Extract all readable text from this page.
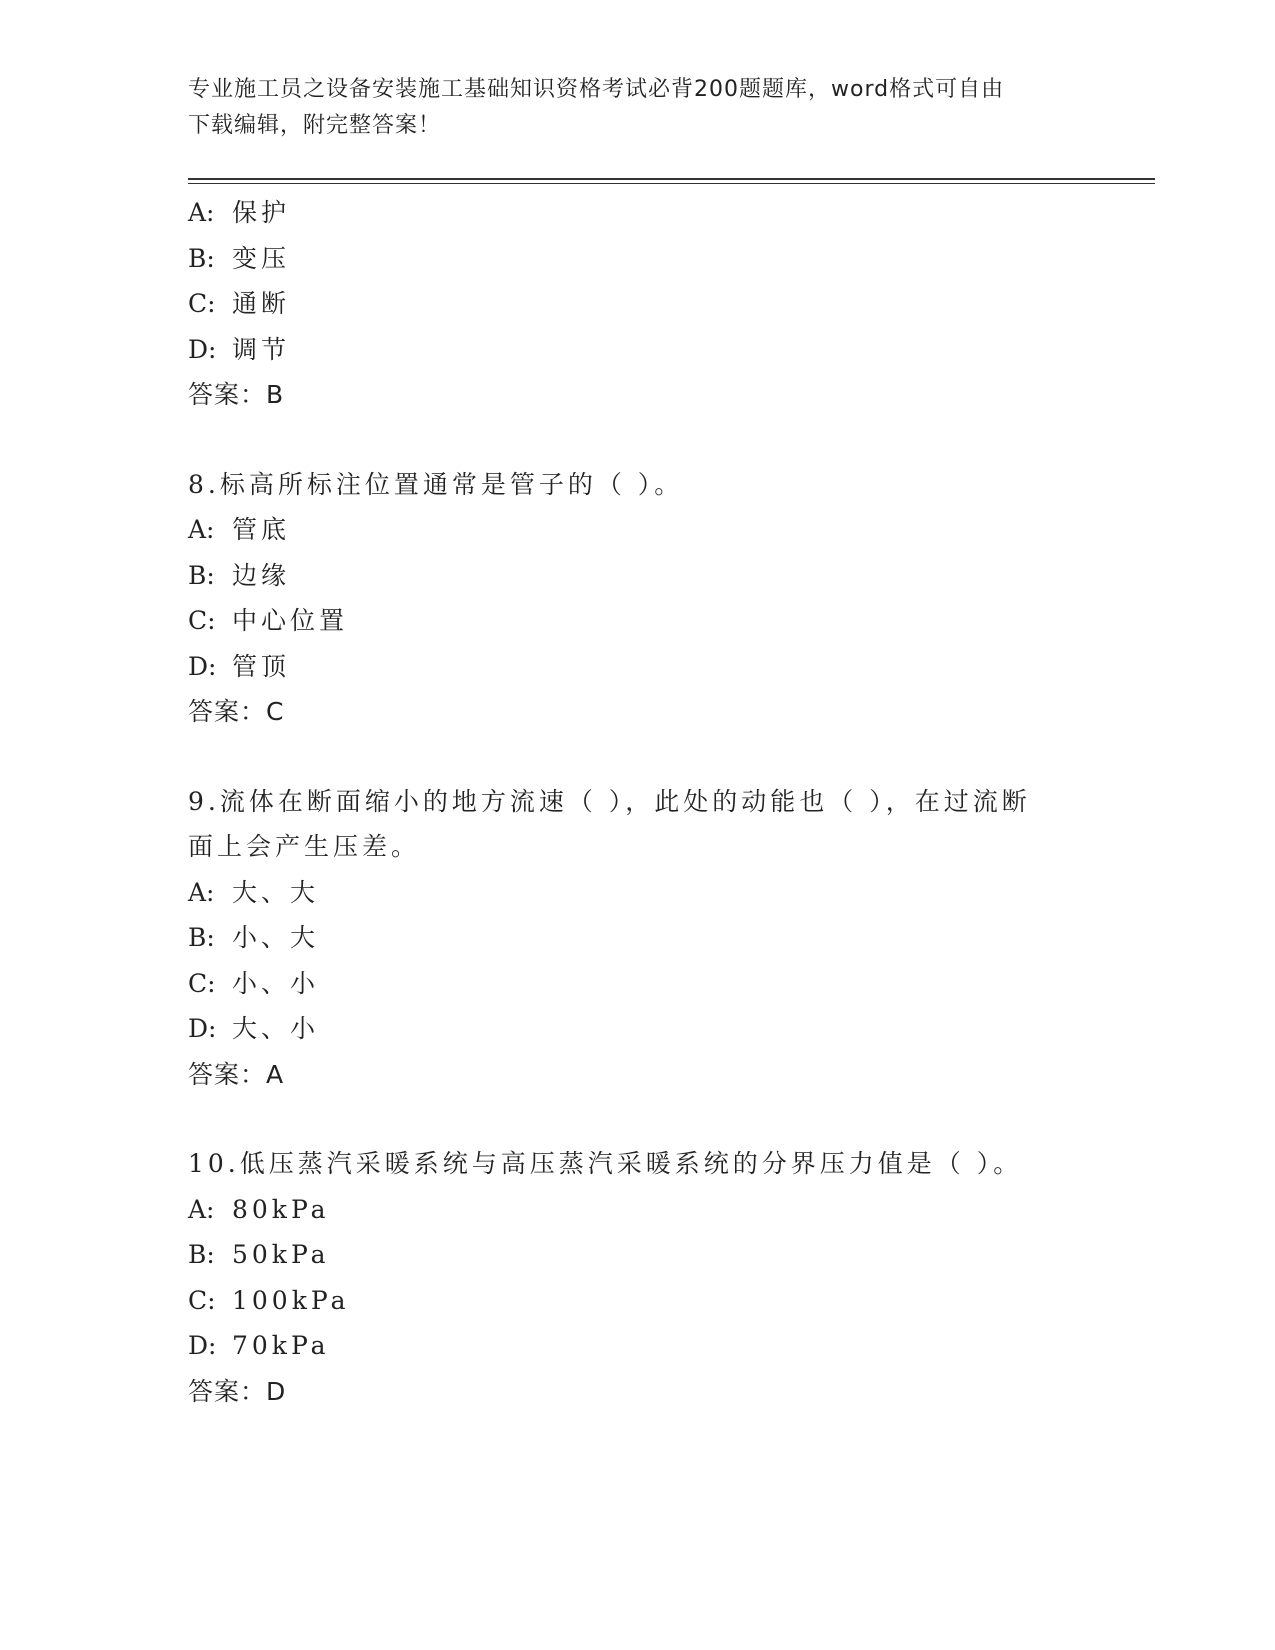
专业施工员之设备安装施工基础知识资格考试必背200题题库，word格式可自由
下载编辑，附完整答案！
A: 保护
B: 变压
C: 通断
D: 调节
答案：B
8.标高所标注位置通常是管子的（ ）。
A: 管底
B: 边缘
C: 中心位置
D: 管顶
答案：C
9.流体在断面缩小的地方流速（ ），此处的动能也（ ），在过流断
面上会产生压差。
A: 大、大
B: 小、大
C: 小、小
D: 大、小
答案：A
10.低压蒸汽采暖系统与高压蒸汽采暖系统的分界压力值是（ ）。
A: 80kPa
B: 50kPa
C: 100kPa
D: 70kPa
答案：D
